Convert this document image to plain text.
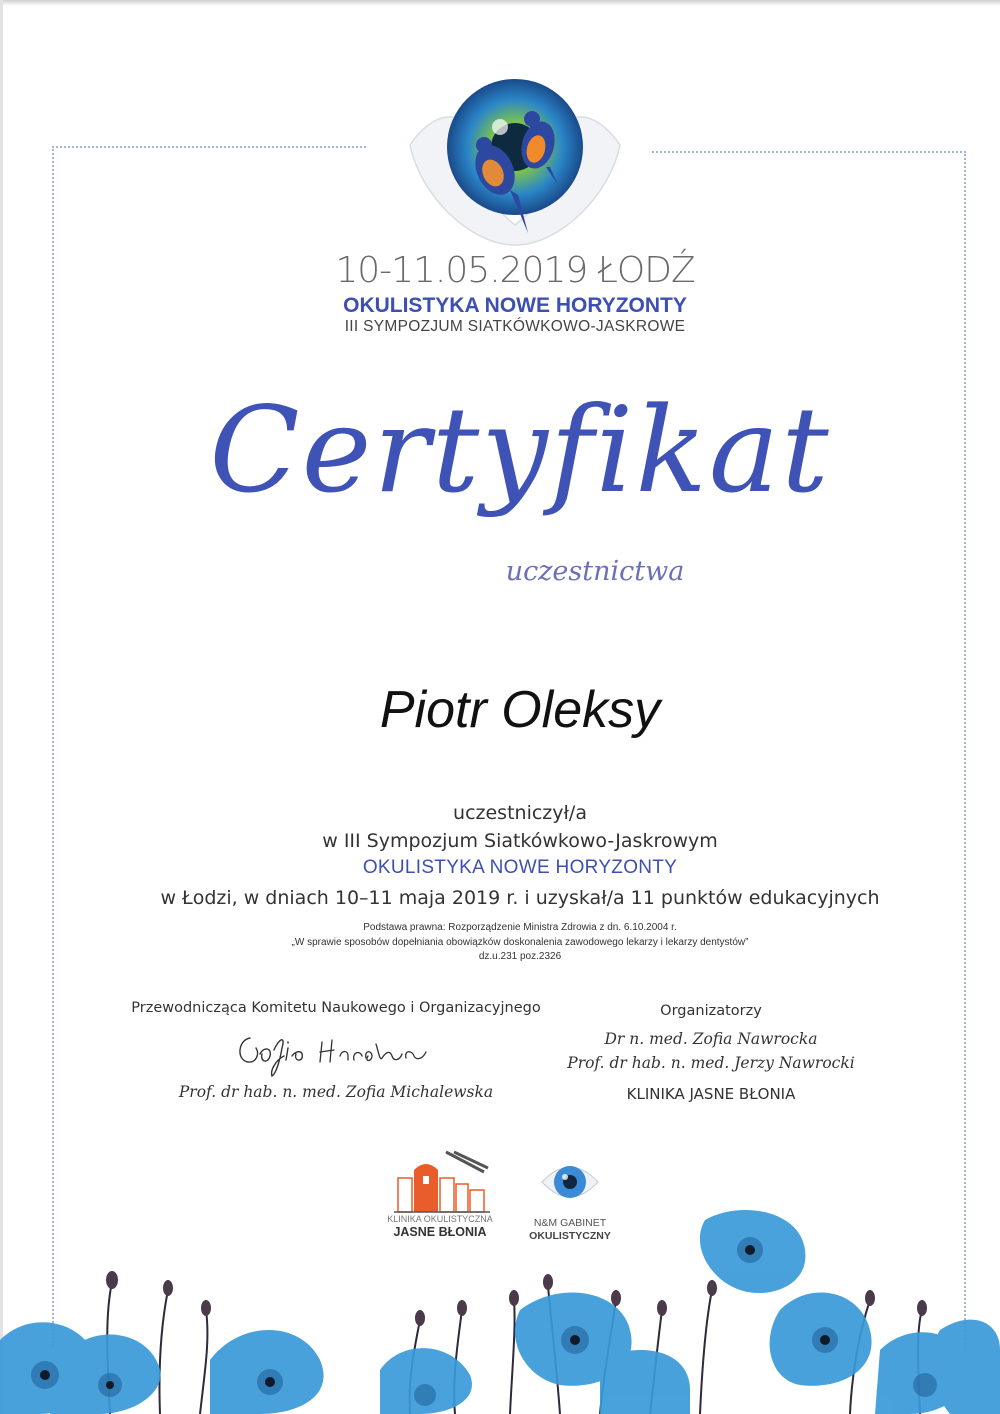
10-11.05.2019 ŁODŹ
OKULISTYKA NOWE HORYZONTY
III SYMPOZJUM SIATKÓWKOWO-JASKROWE
Certyfikat
uczestnictwa
Piotr Oleksy
uczestniczył/a
w III Sympozjum Siatkówkowo-Jaskrowym
OKULISTYKA NOWE HORYZONTY
w Łodzi, w dniach 10–11 maja 2019 r. i uzyskał/a 11 punktów edukacyjnych
Podstawa prawna: Rozporządzenie Ministra Zdrowia z dn. 6.10.2004 r.
„W sprawie sposobów dopełniania obowiązków doskonalenia zawodowego lekarzy i lekarzy dentystów”
dz.u.231 poz.2326
Przewodnicząca Komitetu Naukowego i Organizacyjnego
Prof. dr hab. n. med. Zofia Michalewska
Organizatorzy
Dr n. med. Zofia Nawrocka
Prof. dr hab. n. med. Jerzy Nawrocki
KLINIKA JASNE BŁONIA
KLINIKA OKULISTYCZNA
JASNE BŁONIA
N&M GABINET
OKULISTYCZNY
